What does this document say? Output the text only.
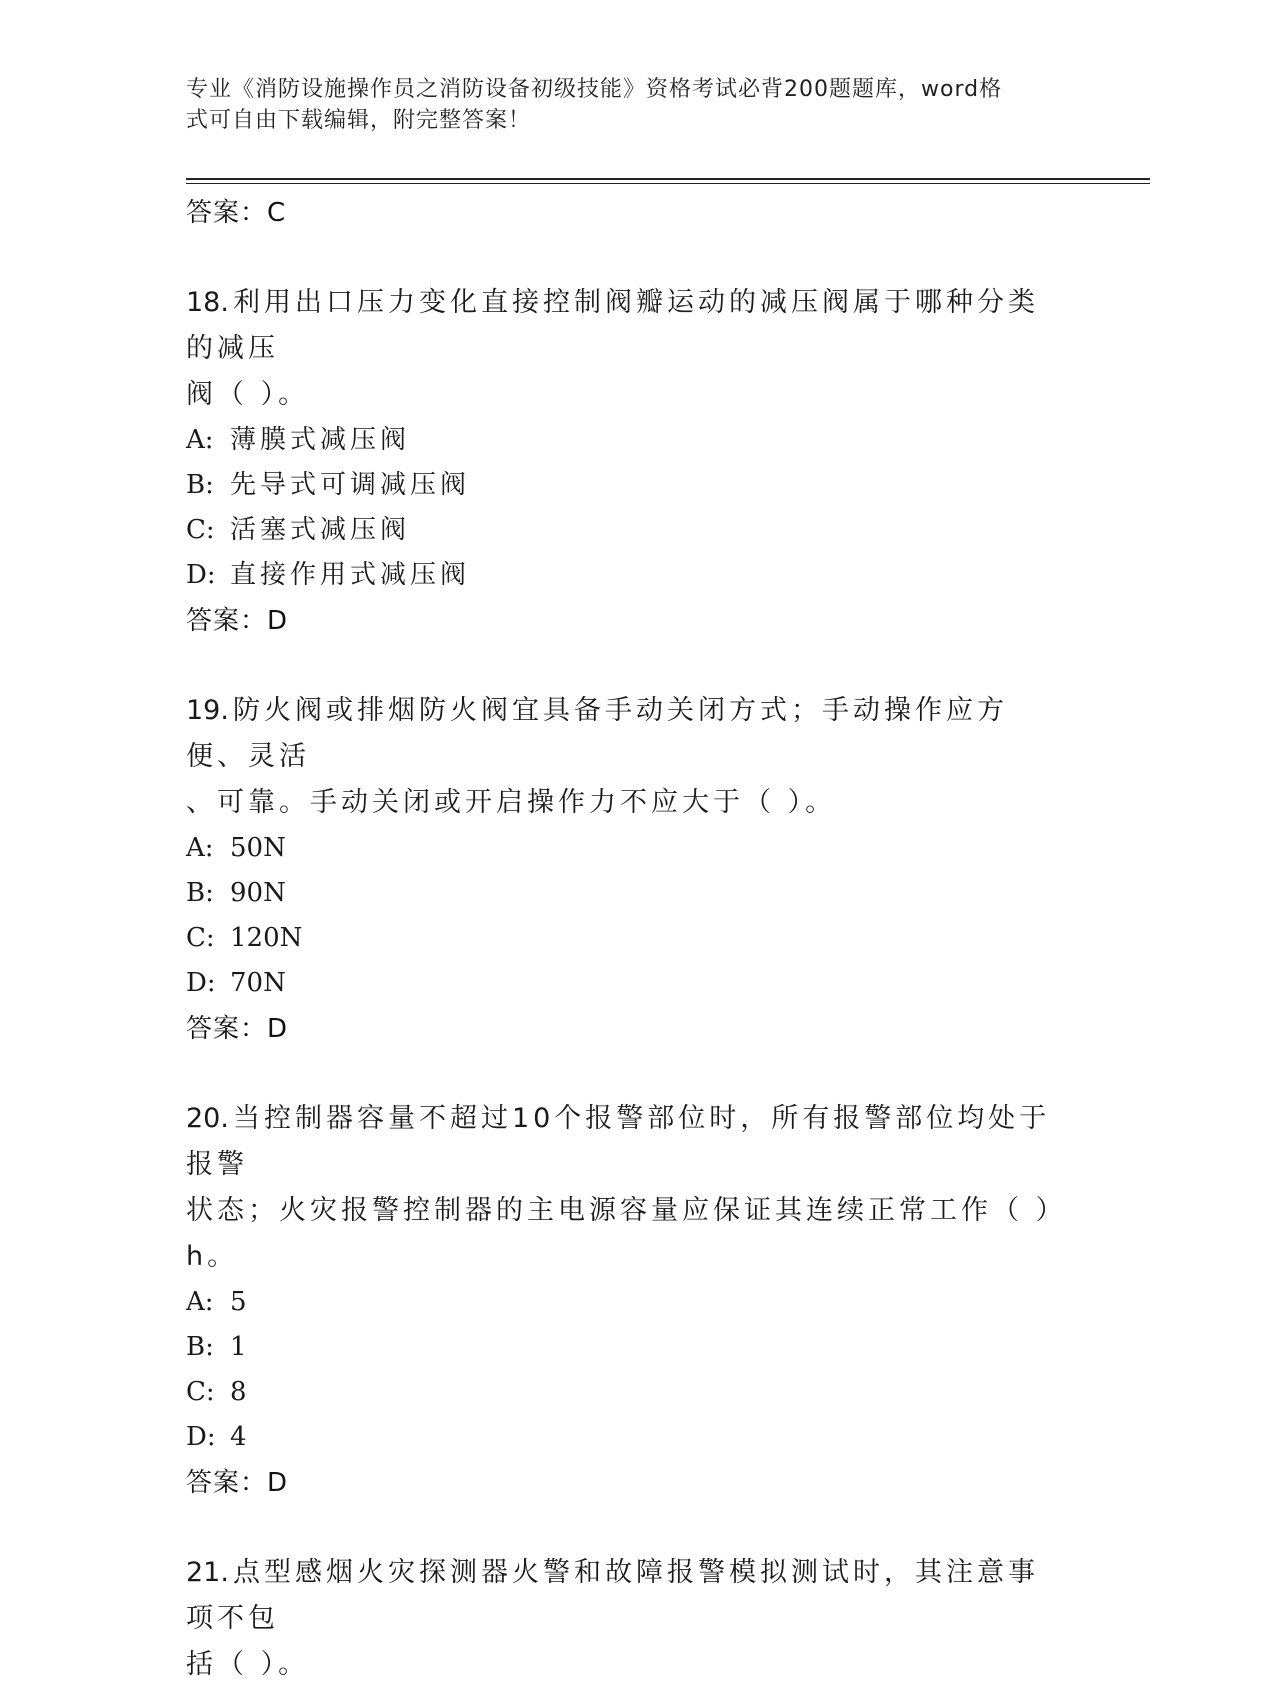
专业《消防设施操作员之消防设备初级技能》资格考试必背200题题库，word格
式可自由下载编辑，附完整答案！
答案：C
18. 利用出口压力变化直接控制阀瓣运动的减压阀属于哪种分类的减压
阀（ ）。
A: 薄膜式减压阀
B: 先导式可调减压阀
C: 活塞式减压阀
D: 直接作用式减压阀
答案：D
19. 防火阀或排烟防火阀宜具备手动关闭方式；手动操作应方便、灵活
、可靠。手动关闭或开启操作力不应大于（ ）。
A: 50N
B: 90N
C: 120N
D: 70N
答案：D
20. 当控制器容量不超过10个报警部位时，所有报警部位均处于报警
状态；火灾报警控制器的主电源容量应保证其连续正常工作（ ）h。
A: 5
B: 1
C: 8
D: 4
答案：D
21. 点型感烟火灾探测器火警和故障报警模拟测试时，其注意事项不包
括（ ）。
